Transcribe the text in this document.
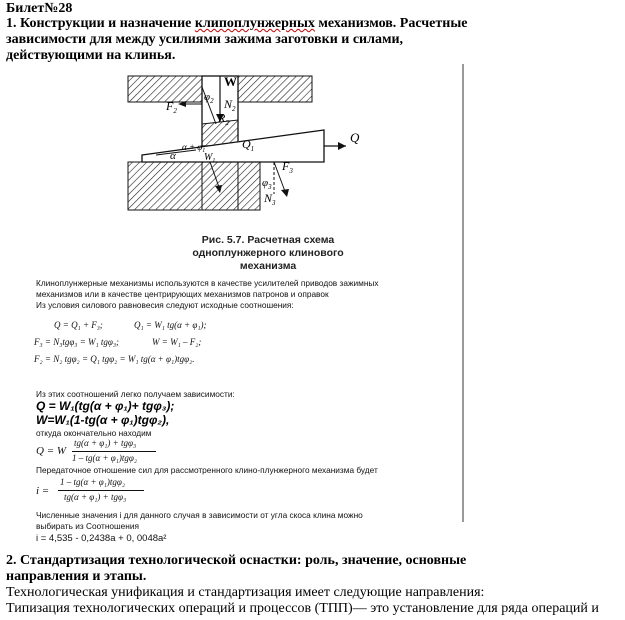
Билет№28
1. Конструкции и назначение клипоплунжерных механизмов. Расчетные
зависимости для между усилиями зажима заготовки и силами,
действующими на клинья.
W
$\varphi_2$ $N_2$
$F_2$	$R_2$
Q
$Q_1$
α
$\alpha + \varphi_1$
$W_1$	$F_3$
$\varphi_3$
$N_3$
Рис. 5.7. Расчетная схема
одноплунжерного клинового
механизма
Клиноплунжерные механизмы используются в качестве усилителей приводов зажимных
механизмов или в качестве центрирующих механизмов патронов и оправок
Из условия силового равновесия следуют исходные соотношения:
Q = Q₁ + F₃;	Q₁ = W₁ tg(α + φ₁);
F₃ = N₃tgφ₃ = W₁ tgφ₃;	W = W₁ – F₂;
F₂ = N₂ tgφ₂ = Q₁ tgφ₂ = W₁ tg(α + φ₁)tgφ₂.
Из этих соотношений легко получаем зависимости:
Q = W₁(tg(α + φ₁)+ tgφ₃);
W=W₁(1-tg(α + φ₁)tgφ₂),
откуда окончательно находим
Q = W
tg(α + φ₁) + tgφ₃
1 – tg(α + φ₁)tgφ₂
Передаточное отношение сил для рассмотренного клино-плунжерного механизма будет
i =
1 – tg(α + φ₁)tgφ₂
tg(α + φ₁) + tgφ₃
Численные значения i для данного случая в зависимости от угла скоса клина можно
выбирать из Соотношения
i = 4,535 - 0,2438a + 0, 0048a²
2. Стандартизация технологической оснастки: роль, значение, основные
направления и этапы.
Технологическая унификация и стандартизация имеет следующие направления:
Типизация технологических операций и процессов (ТПП)— это установление для ряда операций и
